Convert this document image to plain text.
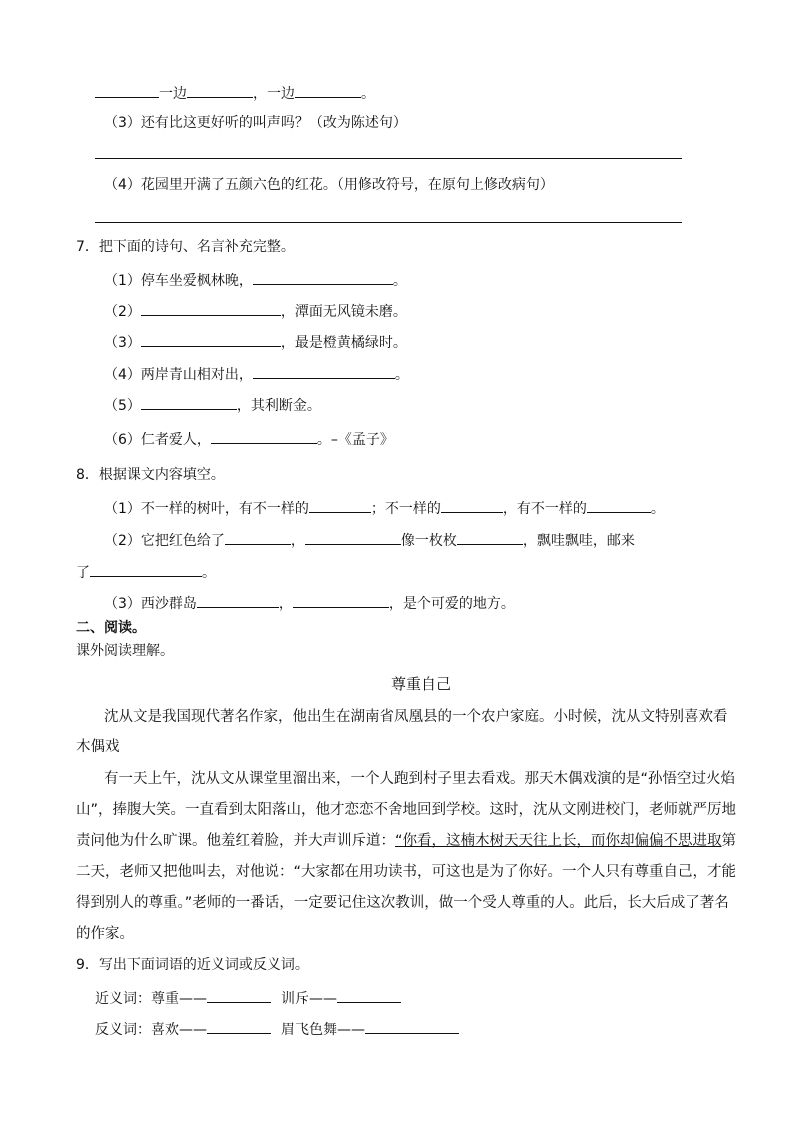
一边	，一边	。
（3）还有比这更好听的叫声吗？（改为陈述句）
（4）花园里开满了五颜六色的红花。（用修改符号，在原句上修改病句）
7．把下面的诗句、名言补充完整。
（1）停车坐爱枫林晚，	。
（2）	，潭面无风镜未磨。
（3）	，最是橙黄橘绿时。
（4）两岸青山相对出，	。
（5）	，其利断金。
（6）仁者爱人，	。–《孟子》
8．根据课文内容填空。
（1）不一样的树叶，有不一样的	；不一样的	，有不一样的	。
（2）它把红色给了	，	像一枚枚	，飘哇飘哇，邮来
了	。
（3）西沙群岛	，	，是个可爱的地方。
二、阅读。
课外阅读理解。
尊重自己
沈从文是我国现代著名作家，他出生在湖南省凤凰县的一个农户家庭。小时候，沈从文特别喜欢看
木偶戏
有一天上午，沈从文从课堂里溜出来，一个人跑到村子里去看戏。那天木偶戏演的是“孙悟空过火焰
山”，捧腹大笑。一直看到太阳落山，他才恋恋不舍地回到学校。这时，沈从文刚进校门，老师就严厉地
责问他为什么旷课。他羞红着脸，并大声训斥道：“你看，这楠木树天天往上长，而你却偏偏不思进取第
二天，老师又把他叫去，对他说：“大家都在用功读书，可这也是为了你好。一个人只有尊重自己，才能
得到别人的尊重。”老师的一番话，一定要记住这次教训，做一个受人尊重的人。此后，长大后成了著名
的作家。
9．写出下面词语的近义词或反义词。
近义词：尊重——	训斥——
反义词：喜欢——	眉飞色舞——
